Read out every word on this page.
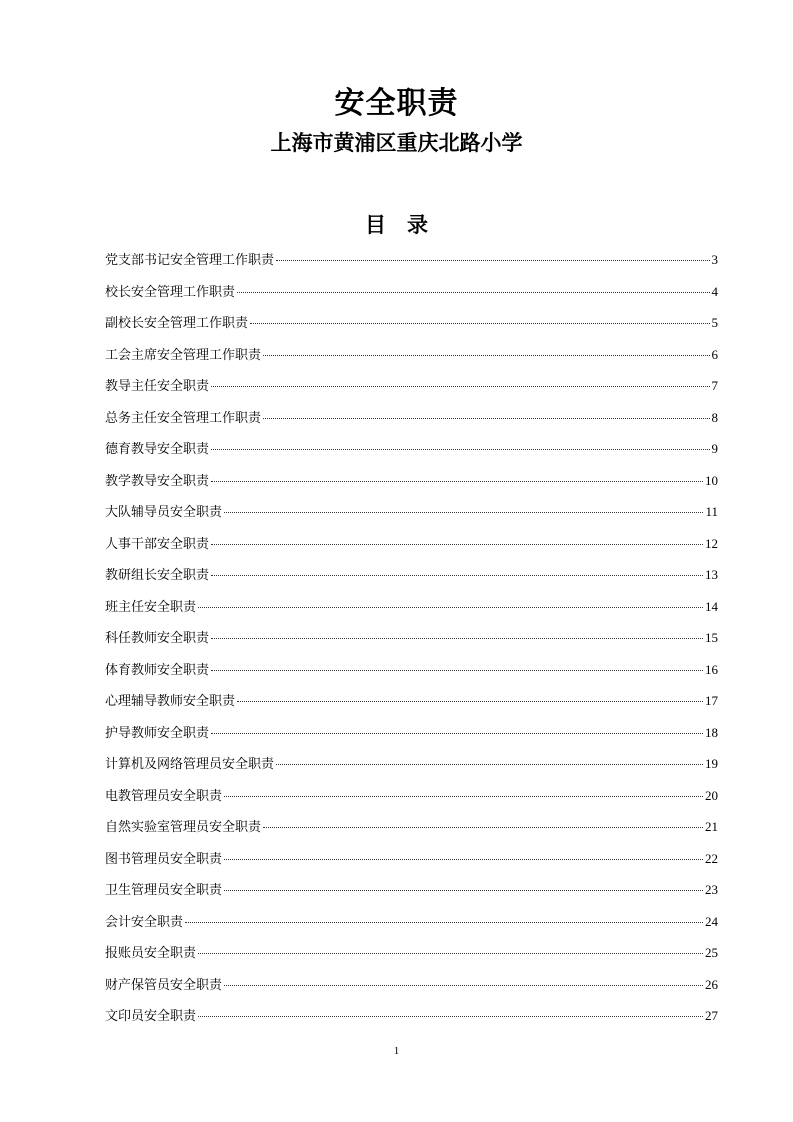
安全职责
上海市黄浦区重庆北路小学
目　录
党支部书记安全管理工作职责	3
校长安全管理工作职责	4
副校长安全管理工作职责	5
工会主席安全管理工作职责	6
教导主任安全职责	7
总务主任安全管理工作职责	8
德育教导安全职责	9
教学教导安全职责	10
大队辅导员安全职责	11
人事干部安全职责	12
教研组长安全职责	13
班主任安全职责	14
科任教师安全职责	15
体育教师安全职责	16
心理辅导教师安全职责	17
护导教师安全职责	18
计算机及网络管理员安全职责	19
电教管理员安全职责	20
自然实验室管理员安全职责	21
图书管理员安全职责	22
卫生管理员安全职责	23
会计安全职责	24
报账员安全职责	25
财产保管员安全职责	26
文印员安全职责	27
1
